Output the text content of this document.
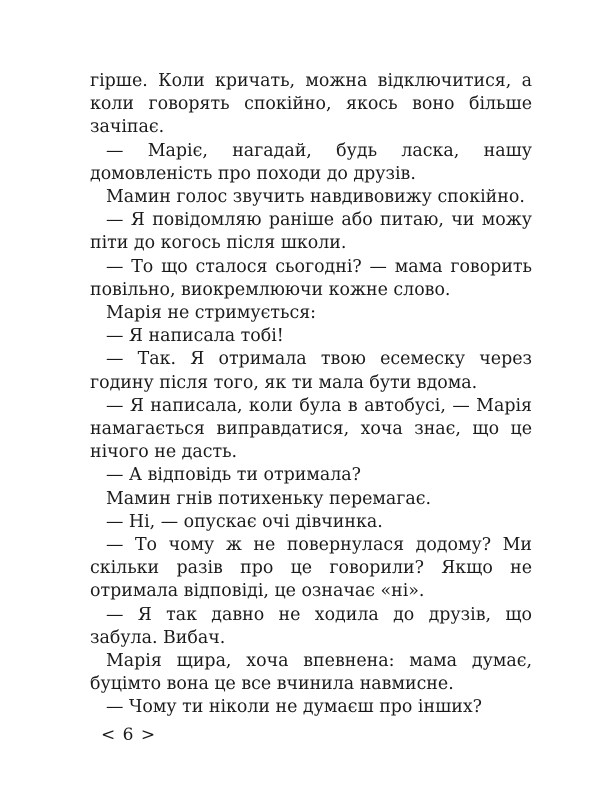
гірше. Коли кричать, можна відключитися, а коли говорять спокійно, якось воно більше зачіпає.

— Маріє, нагадай, будь ласка, нашу домовленість про походи до друзів.

Мамин голос звучить навдивовижу спокійно.

— Я повідомляю раніше або питаю, чи можу піти до когось після школи.

— То що сталося сьогодні? — мама говорить повільно, виокремлюючи кожне слово.

Марія не стримується:

— Я написала тобі!

— Так. Я отримала твою есемеску через годину після того, як ти мала бути вдома.

— Я написала, коли була в автобусі, — Марія намагається виправдатися, хоча знає, що це нічого не дасть.

— А відповідь ти отримала?

Мамин гнів потихеньку перемагає.

— Ні, — опускає очі дівчинка.

— То чому ж не повернулася додому? Ми скільки разів про це говорили? Якщо не отримала відповіді, це означає «ні».

— Я так давно не ходила до друзів, що забула. Вибач.

Марія щира, хоча впевнена: мама думає, буцімто вона це все вчинила навмисне.

— Чому ти ніколи не думаєш про інших?

< 6 >
